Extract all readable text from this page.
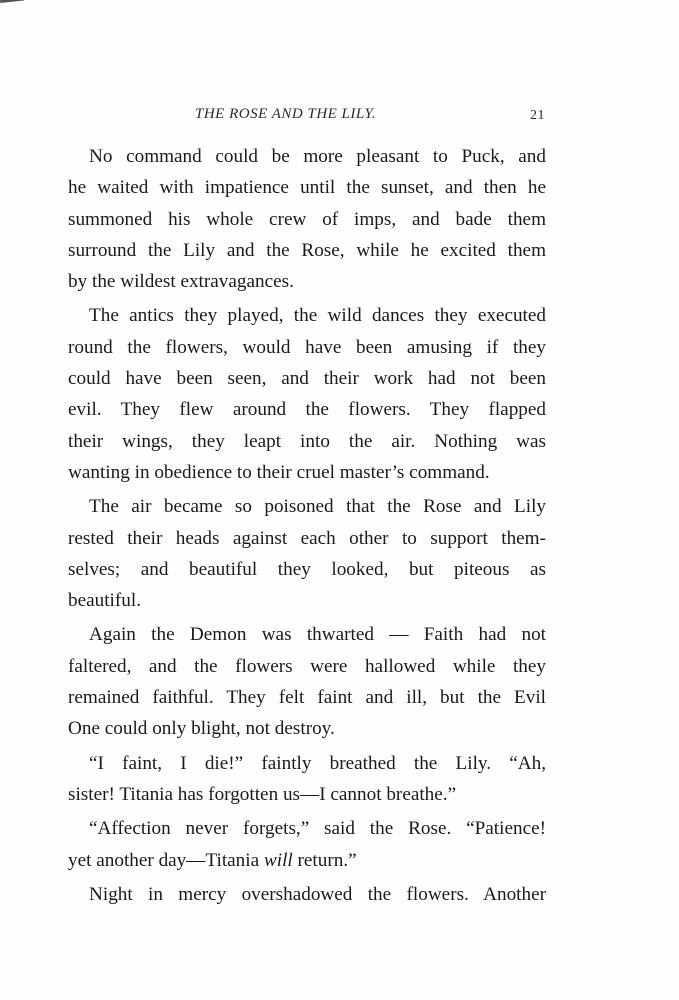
THE ROSE AND THE LILY.	21
No command could be more pleasant to Puck, and
he waited with impatience until the sunset, and then he
summoned his whole crew of imps, and bade them
surround the Lily and the Rose, while he excited them
by the wildest extravagances.
The antics they played, the wild dances they executed
round the flowers, would have been amusing if they
could have been seen, and their work had not been
evil. They flew around the flowers. They flapped
their wings, they leapt into the air. Nothing was
wanting in obedience to their cruel master’s command.
The air became so poisoned that the Rose and Lily
rested their heads against each other to support them-
selves; and beautiful they looked, but piteous as
beautiful.
Again the Demon was thwarted — Faith had not
faltered, and the flowers were hallowed while they
remained faithful. They felt faint and ill, but the Evil
One could only blight, not destroy.
“I faint, I die!” faintly breathed the Lily. “Ah,
sister! Titania has forgotten us—I cannot breathe.”
“Affection never forgets,” said the Rose. “Patience!
yet another day—Titania will return.”
Night in mercy overshadowed the flowers. Another
